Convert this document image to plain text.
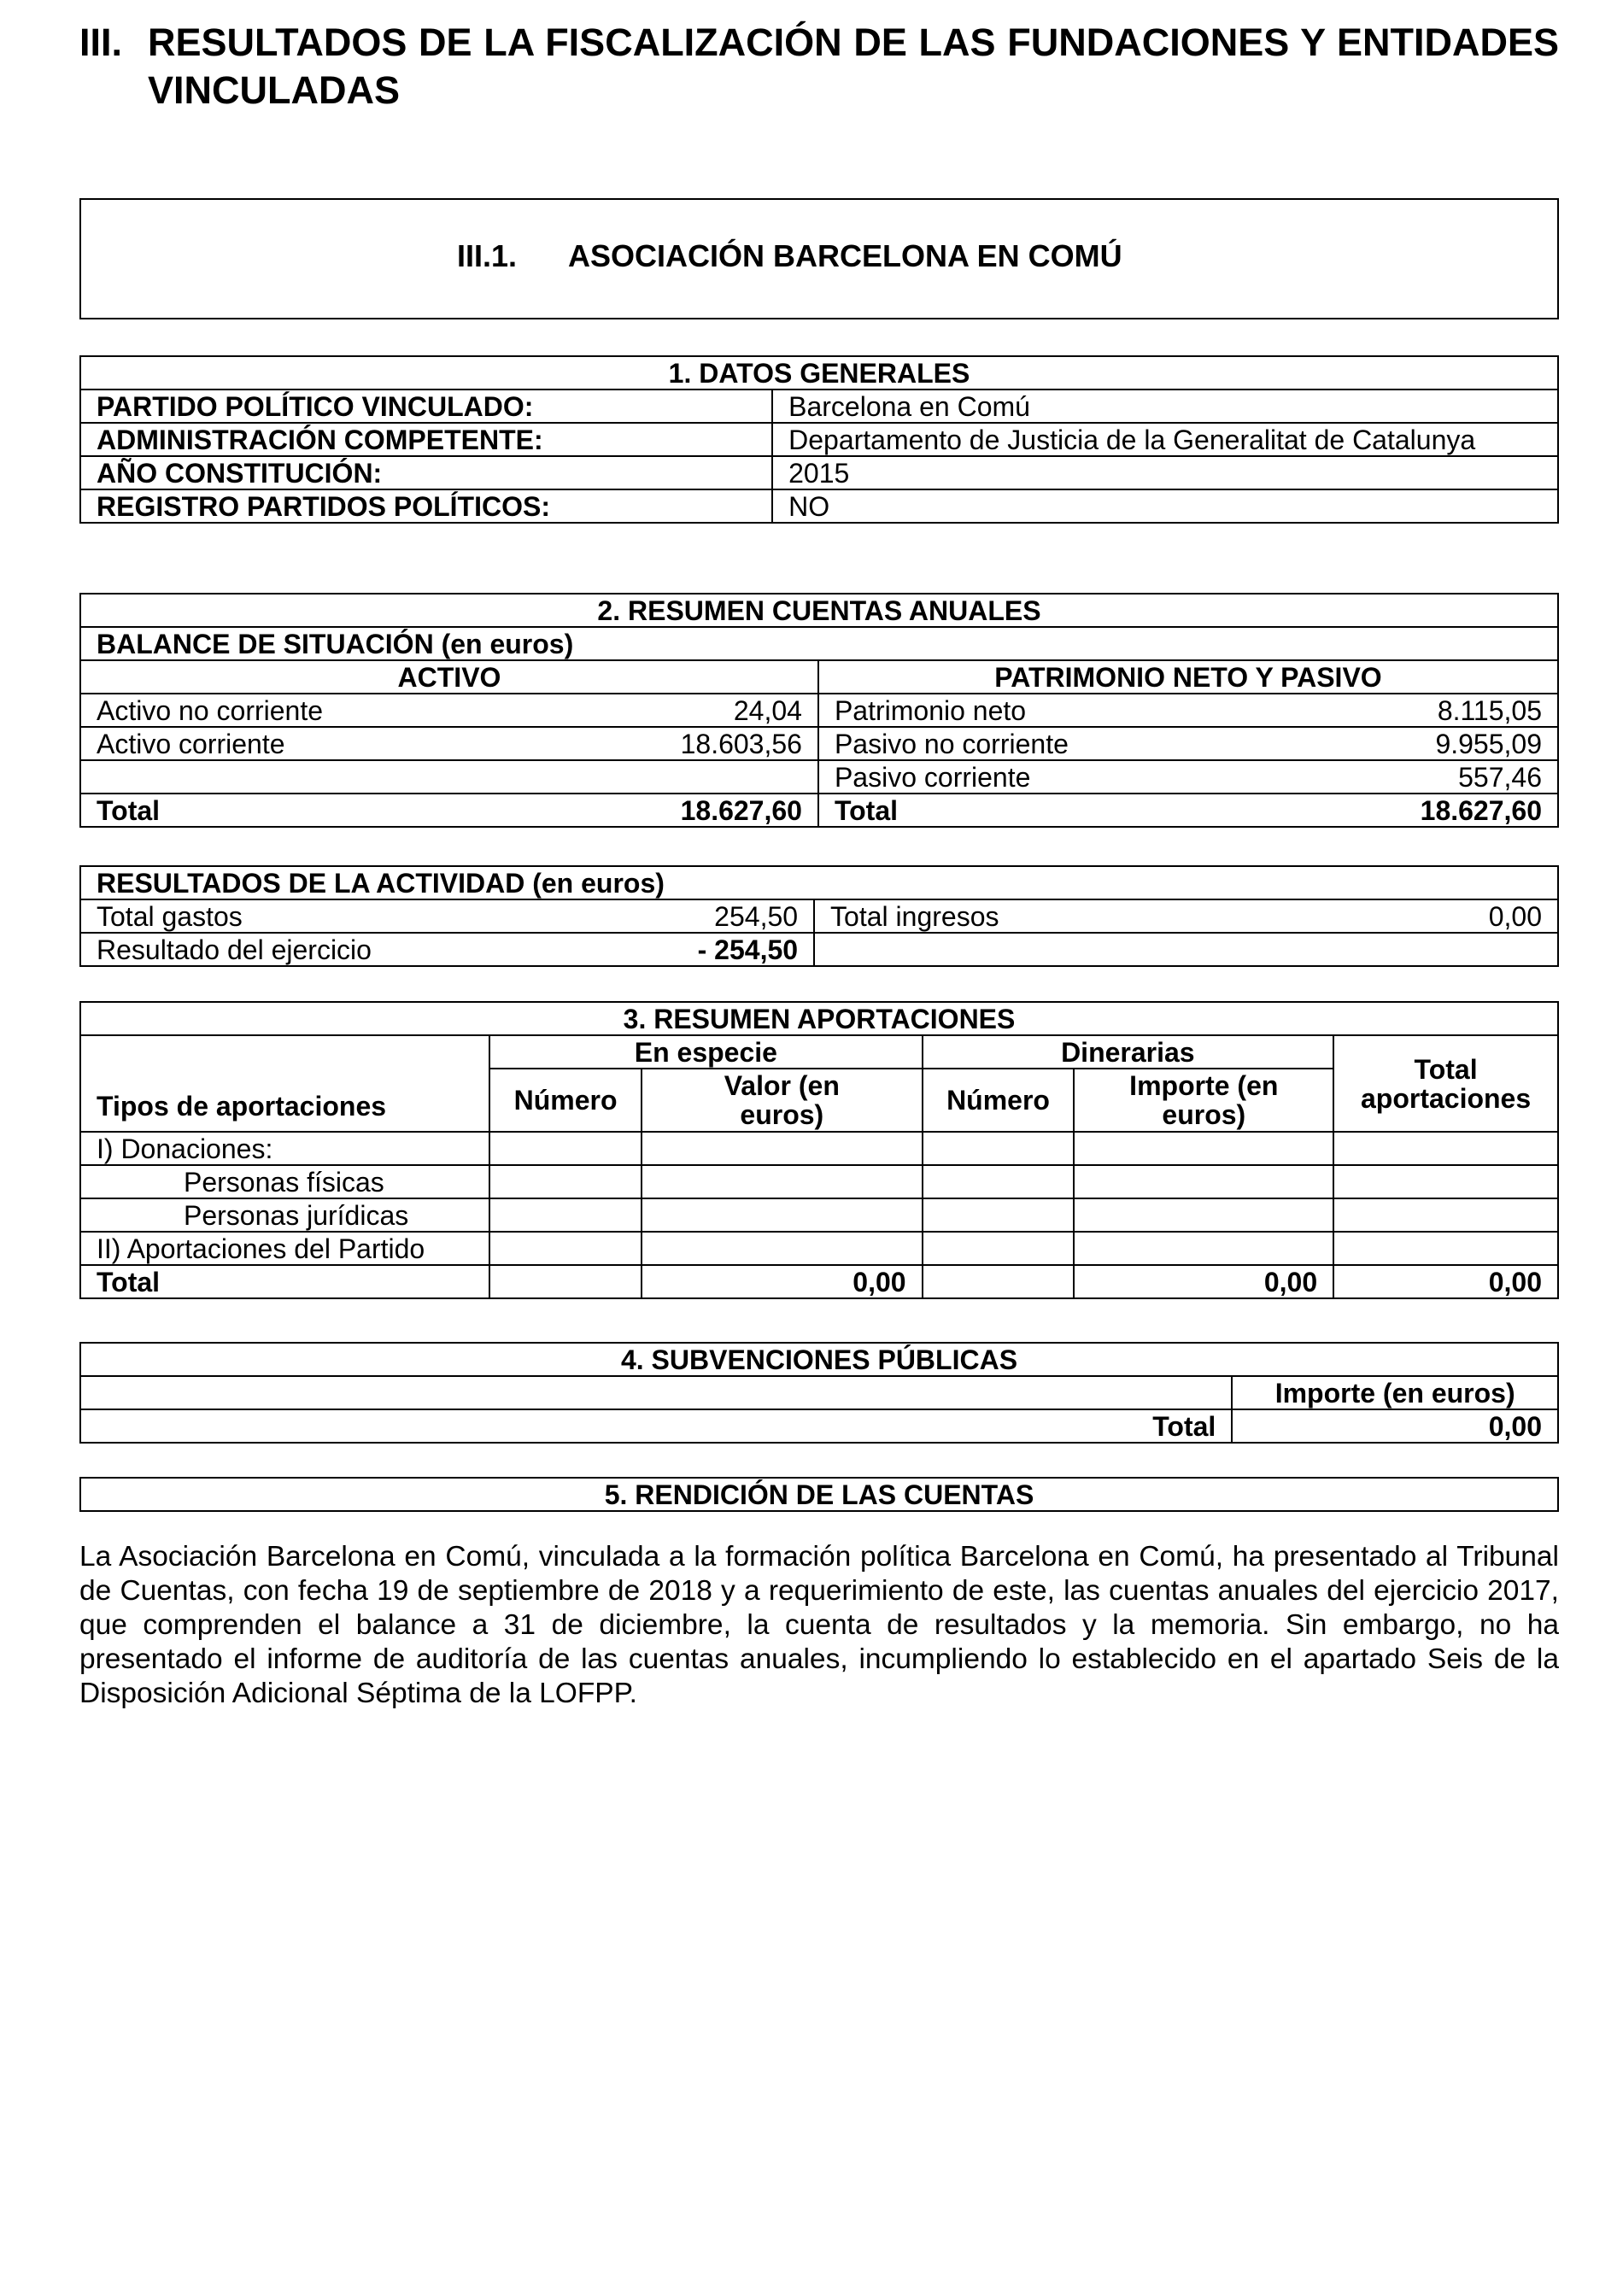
III. RESULTADOS DE LA FISCALIZACIÓN DE LAS FUNDACIONES Y ENTIDADES VINCULADAS
III.1. ASOCIACIÓN BARCELONA EN COMÚ
1. DATOS GENERALES	
PARTIDO POLÍTICO VINCULADO:	Barcelona en Comú
ADMINISTRACIÓN COMPETENTE:	Departamento de Justicia de la Generalitat de Catalunya
AÑO CONSTITUCIÓN:	2015
REGISTRO PARTIDOS POLÍTICOS:	NO
2. RESUMEN CUENTAS ANUALES			
BALANCE DE SITUACIÓN (en euros)			
ACTIVO		PATRIMONIO NETO Y PASIVO	
Activo no corriente	24,04	Patrimonio neto	8.115,05
Activo corriente	18.603,56	Pasivo no corriente	9.955,09
		Pasivo corriente	557,46
Total	18.627,60	Total	18.627,60
RESULTADOS DE LA ACTIVIDAD (en euros)			
Total gastos	254,50	Total ingresos	0,00
Resultado del ejercicio	- 254,50		
3. RESUMEN APORTACIONES					
Tipos de aportaciones	En especie		Dinerarias		Total aportaciones
	Número	Valor (en euros)	Número	Importe (en euros)	
I) Donaciones:					
Personas físicas					
Personas jurídicas					
II) Aportaciones del Partido					
Total		0,00		0,00	0,00
4. SUBVENCIONES PÚBLICAS	
	Importe (en euros)
Total	0,00
5. RENDICIÓN DE LAS CUENTAS
La Asociación Barcelona en Comú, vinculada a la formación política Barcelona en Comú, ha presentado al Tribunal de Cuentas, con fecha 19 de septiembre de 2018 y a requerimiento de este, las cuentas anuales del ejercicio 2017, que comprenden el balance a 31 de diciembre, la cuenta de resultados y la memoria. Sin embargo, no ha presentado el informe de auditoría de las cuentas anuales, incumpliendo lo establecido en el apartado Seis de la Disposición Adicional Séptima de la LOFPP.
